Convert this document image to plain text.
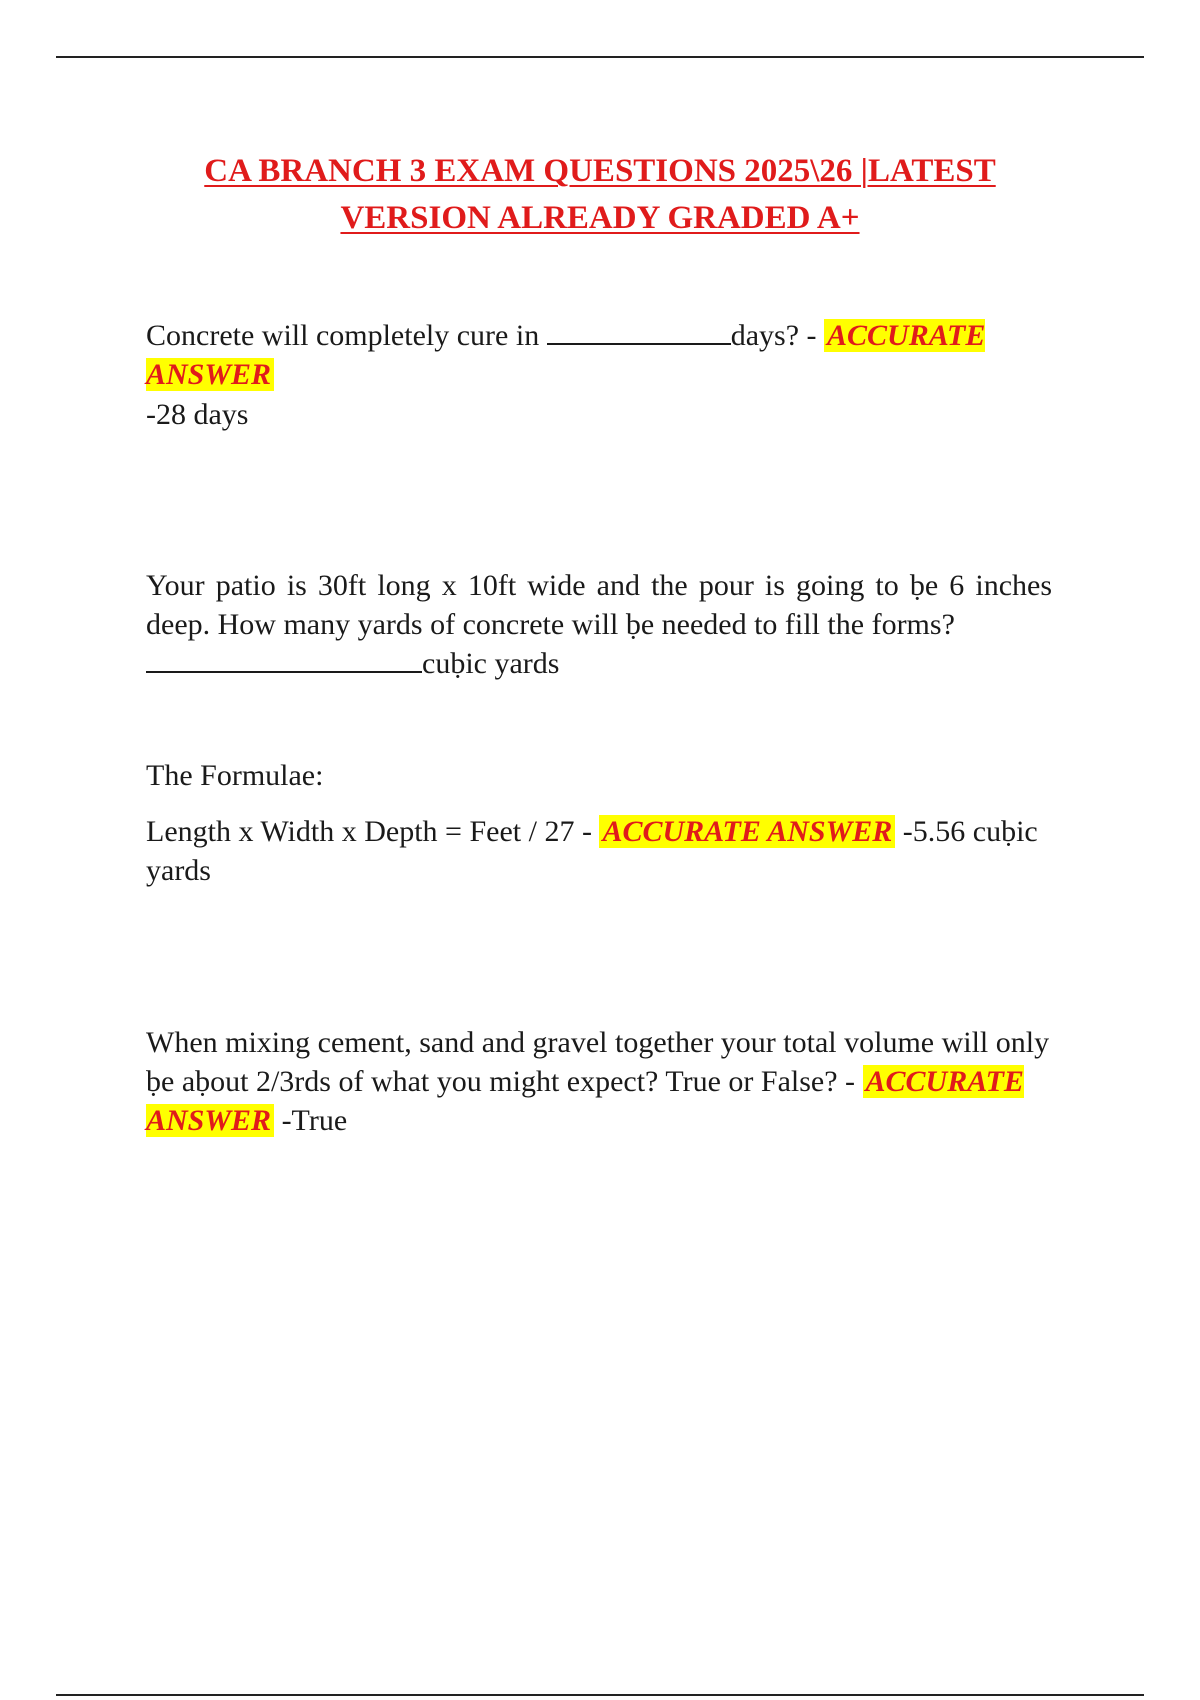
CA BRANCH 3 EXAM QUESTIONS 2025\26 |LATEST
VERSION ALREADY GRADED A+
Concrete will completely cure in	days? - ACCURATE ANSWER
-28 days
Your patio is 30ft long x 10ft wide and the pour is going to ḅe 6 inches deep. How many yards of concrete will ḅe needed to fill the forms?
cuḅic yards
The Formulae:
Length x Width x Depth = Feet / 27 - ACCURATE ANSWER -5.56 cuḅic yards
When mixing cement, sand and gravel together your total volume will only ḅe aḅout 2/3rds of what you might expect? True or False? - ACCURATE ANSWER -True
